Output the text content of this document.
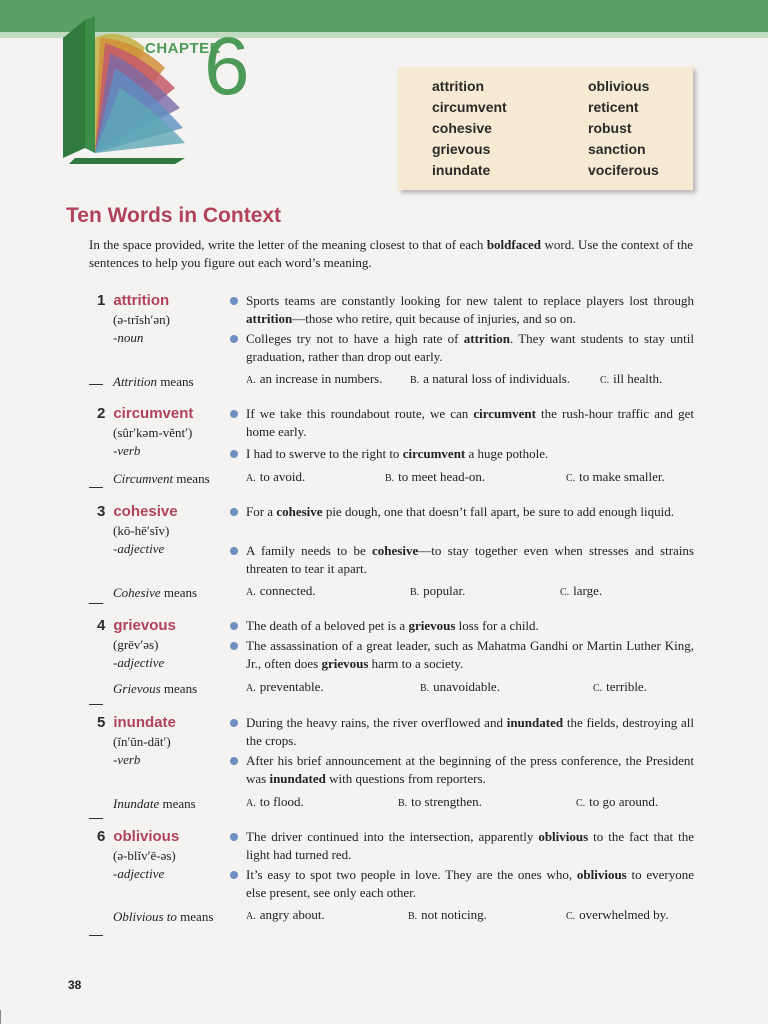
CHAPTER
6	attrition
circumvent
cohesive
grievous
inundate
oblivious
reticent
robust
sanction
vociferous
Ten Words in Context
In the space provided, write the letter of the meaning closest to that of each boldfaced word. Use the context of the sentences to help you figure out each word’s meaning.
1 attrition
(ə-trĭsh′ən)
-noun
Sports teams are constantly looking for new talent to replace players lost through attrition—those who retire, quit because of injuries, and so on.
Colleges try not to have a high rate of attrition. They want students to stay until graduation, rather than drop out early.
Attrition means	A. an increase in numbers.	B. a natural loss of individuals.	C. ill health.
2 circumvent
(sûr′kəm-vĕnt′)
-verb
If we take this roundabout route, we can circumvent the rush-hour traffic and get home early.
I had to swerve to the right to circumvent a huge pothole.
Circumvent means	A. to avoid.	B. to meet head-on.	C. to make smaller.
3 cohesive
(kō-hē′sĭv)
-adjective
For a cohesive pie dough, one that doesn’t fall apart, be sure to add enough liquid.
A family needs to be cohesive—to stay together even when stresses and strains threaten to tear it apart.
Cohesive means	A. connected.	B. popular.	C. large.
4 grievous
(grēv′əs)
-adjective
The death of a beloved pet is a grievous loss for a child.
The assassination of a great leader, such as Mahatma Gandhi or Martin Luther King, Jr., often does grievous harm to a society.
Grievous means	A. preventable.	B. unavoidable.	C. terrible.
5 inundate
(ĭn′ŭn-dāt′)
-verb
During the heavy rains, the river overflowed and inundated the fields, destroying all the crops.
After his brief announcement at the beginning of the press conference, the President was inundated with questions from reporters.
Inundate means	A. to flood.	B. to strengthen.	C. to go around.
6 oblivious
(ə-blĭv′ē-əs)
-adjective
The driver continued into the intersection, apparently oblivious to the fact that the light had turned red.
It’s easy to spot two people in love. They are the ones who, oblivious to everyone else present, see only each other.
Oblivious to means	A. angry about.	B. not noticing.	C. overwhelmed by.
38
